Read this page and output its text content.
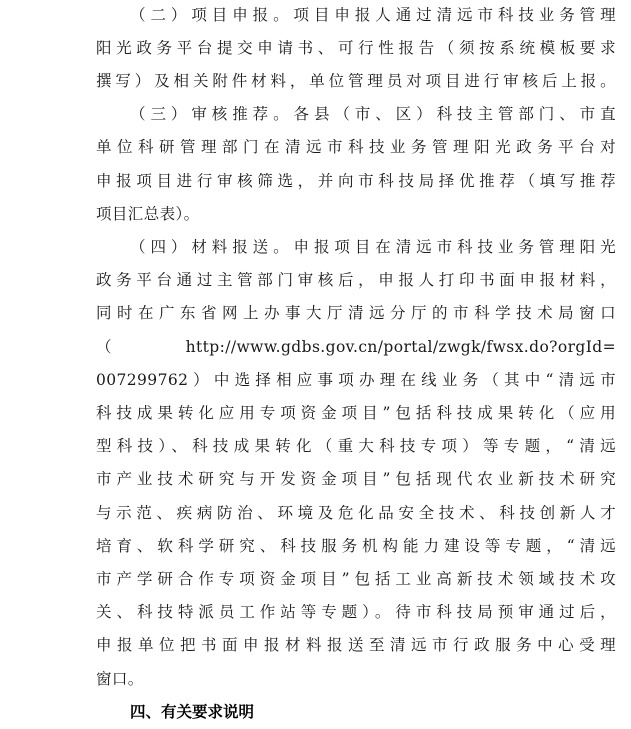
（二）项目申报。项目申报人通过清远市科技业务管理
阳光政务平台提交申请书、可行性报告（须按系统模板要求
撰写）及相关附件材料，单位管理员对项目进行审核后上报。
（三）审核推荐。各县（市、区）科技主管部门、市直
单位科研管理部门在清远市科技业务管理阳光政务平台对
申报项目进行审核筛选，并向市科技局择优推荐（填写推荐
项目汇总表）。
（四）材料报送。申报项目在清远市科技业务管理阳光
政务平台通过主管部门审核后，申报人打印书面申报材料，
同时在广东省网上办事大厅清远分厅的市科学技术局窗口
（http://www.gdbs.gov.cn/portal/zwgk/fwsx.do?orgId=
007299762）中选择相应事项办理在线业务（其中“清远市
科技成果转化应用专项资金项目”包括科技成果转化（应用
型科技）、科技成果转化（重大科技专项）等专题，“清远
市产业技术研究与开发资金项目”包括现代农业新技术研究
与示范、疾病防治、环境及危化品安全技术、科技创新人才
培育、软科学研究、科技服务机构能力建设等专题，“清远
市产学研合作专项资金项目”包括工业高新技术领域技术攻
关、科技特派员工作站等专题）。待市科技局预审通过后，
申报单位把书面申报材料报送至清远市行政服务中心受理
窗口。
四、有关要求说明
